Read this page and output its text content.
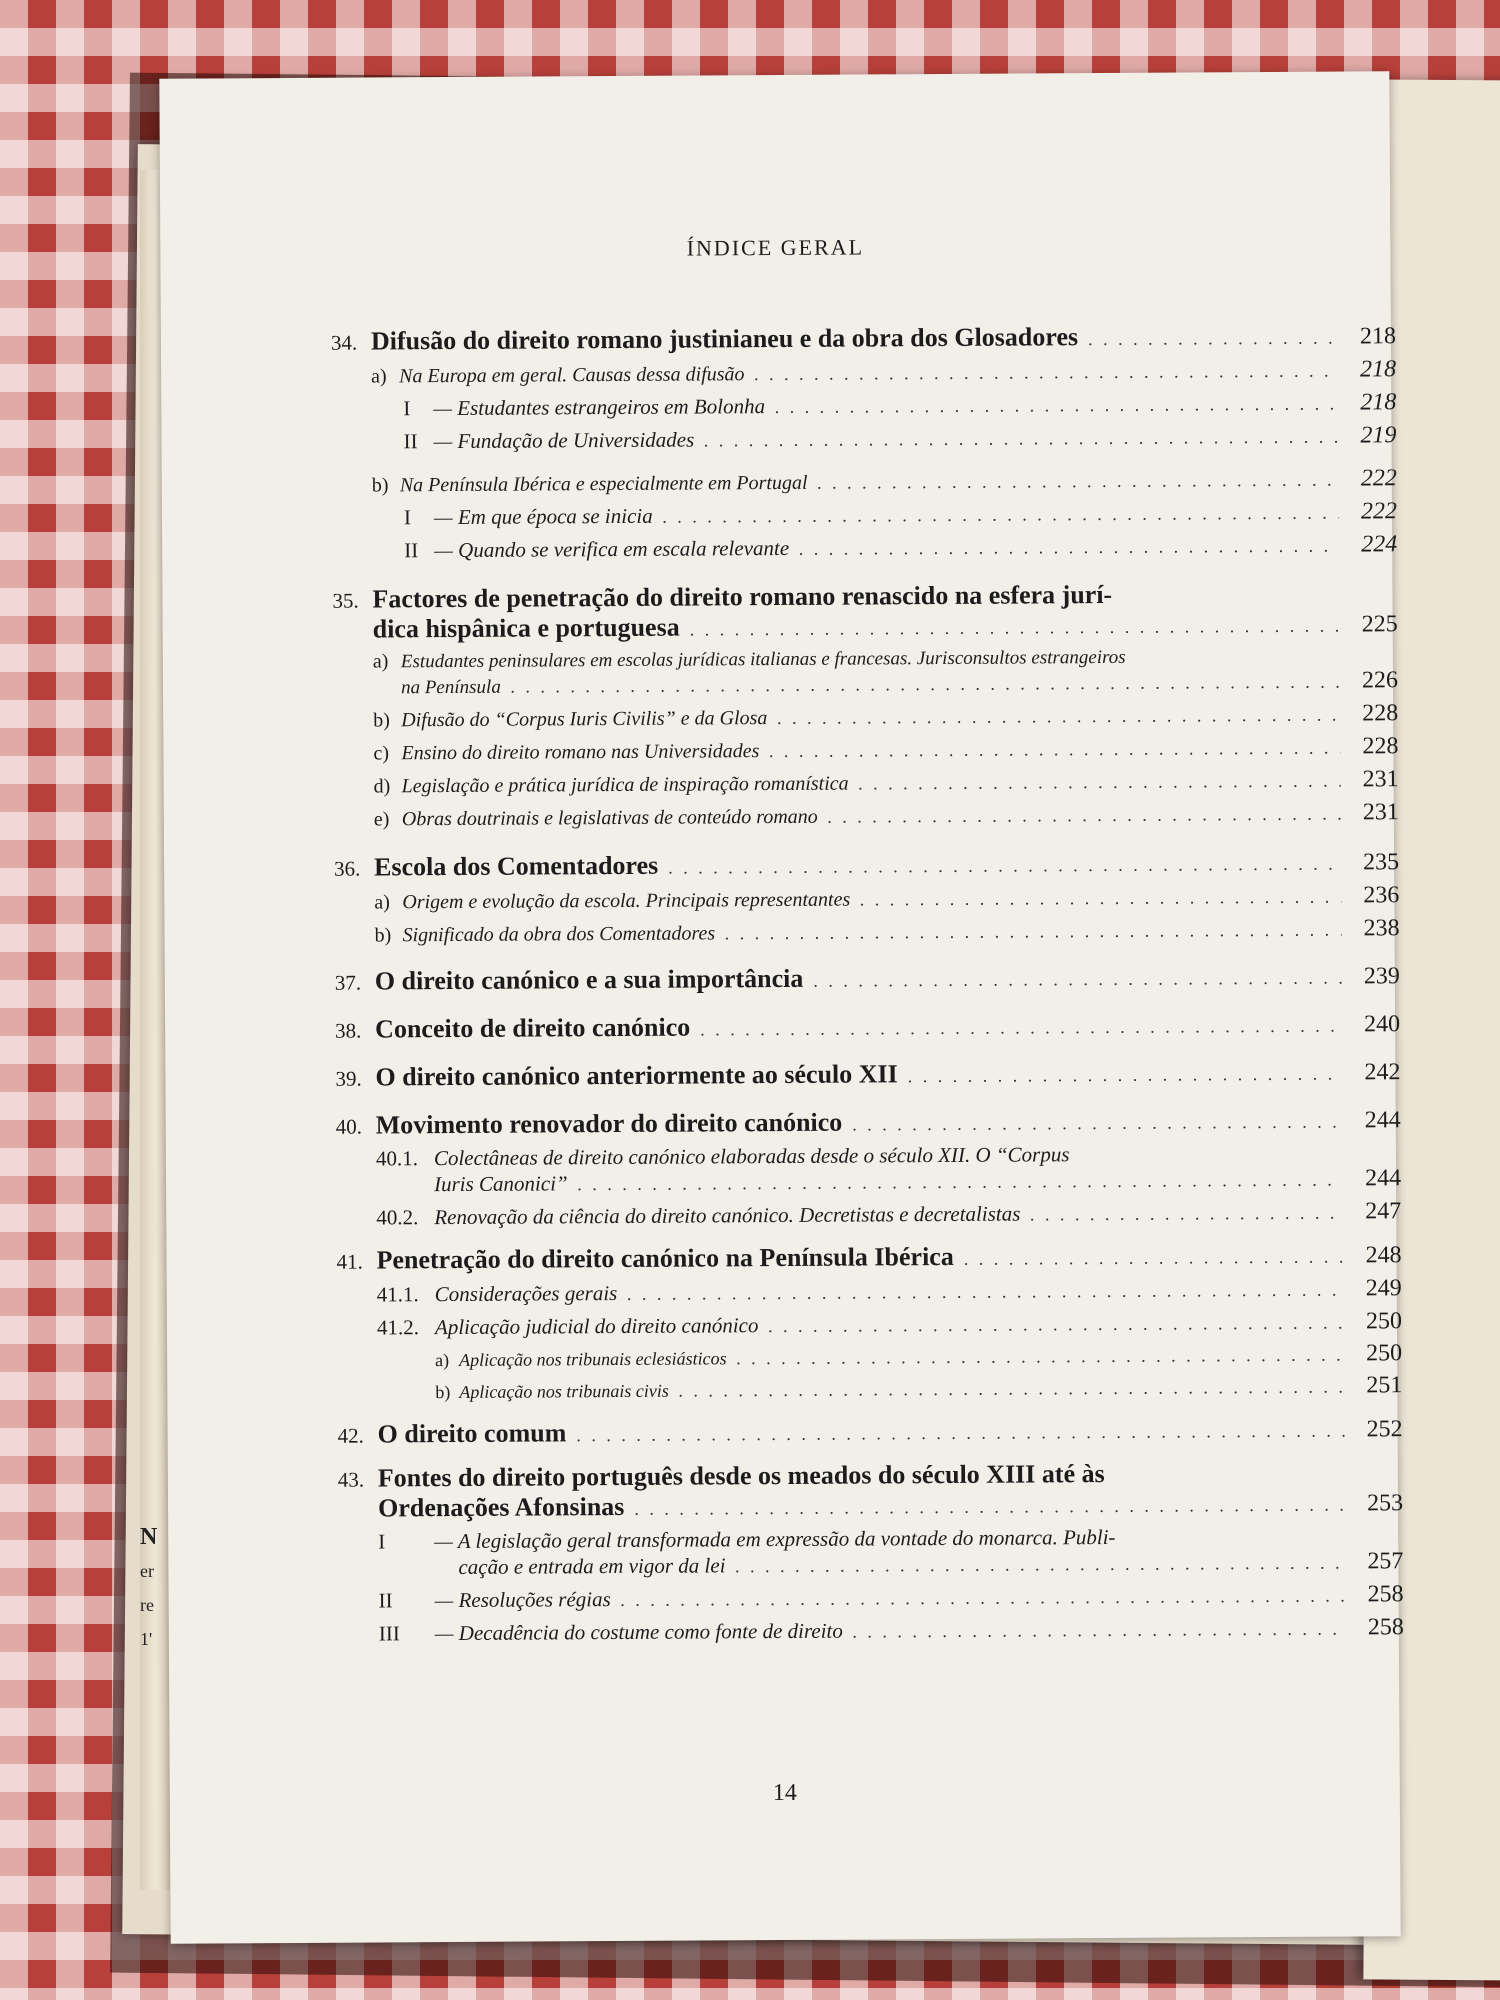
N
er
re
1'
ÍNDICE GERAL
34. Difusão do direito romano justinianeu e da obra dos Glosadores . . .	218
a) Na Europa em geral. Causas dessa difusão . . .	218
I — Estudantes estrangeiros em Bolonha . . .	218
II — Fundação de Universidades . . .	219
b) Na Península Ibérica e especialmente em Portugal . . .	222
I — Em que época se inicia . . .	222
II — Quando se verifica em escala relevante . . .	224
35. Factores de penetração do direito romano renascido na esfera jurí-
dica hispânica e portuguesa . . .	225
a) Estudantes peninsulares em escolas jurídicas italianas e francesas. Jurisconsultos estrangeiros
na Península . . .	226
b) Difusão do “Corpus Iuris Civilis” e da Glosa . . .	228
c) Ensino do direito romano nas Universidades . . .	228
d) Legislação e prática jurídica de inspiração romanística . . .	231
e) Obras doutrinais e legislativas de conteúdo romano . . .	231
36. Escola dos Comentadores . . .	235
a) Origem e evolução da escola. Principais representantes . . .	236
b) Significado da obra dos Comentadores . . .	238
37. O direito canónico e a sua importância . . .	239
38. Conceito de direito canónico . . .	240
39. O direito canónico anteriormente ao século XII . . .	242
40. Movimento renovador do direito canónico . . .	244
40.1. Colectâneas de direito canónico elaboradas desde o século XII. O “Corpus
Iuris Canonici” . . .	244
40.2. Renovação da ciência do direito canónico. Decretistas e decretalistas . . .	247
41. Penetração do direito canónico na Península Ibérica . . .	248
41.1. Considerações gerais . . .	249
41.2. Aplicação judicial do direito canónico . . .	250
a) Aplicação nos tribunais eclesiásticos . . .	250
b) Aplicação nos tribunais civis . . .	251
42. O direito comum . . .	252
43. Fontes do direito português desde os meados do século XIII até às
Ordenações Afonsinas . . .	253
I — A legislação geral transformada em expressão da vontade do monarca. Publi-
cação e entrada em vigor da lei . . .	257
II — Resoluções régias . . .	258
III — Decadência do costume como fonte de direito . . .	258
14
